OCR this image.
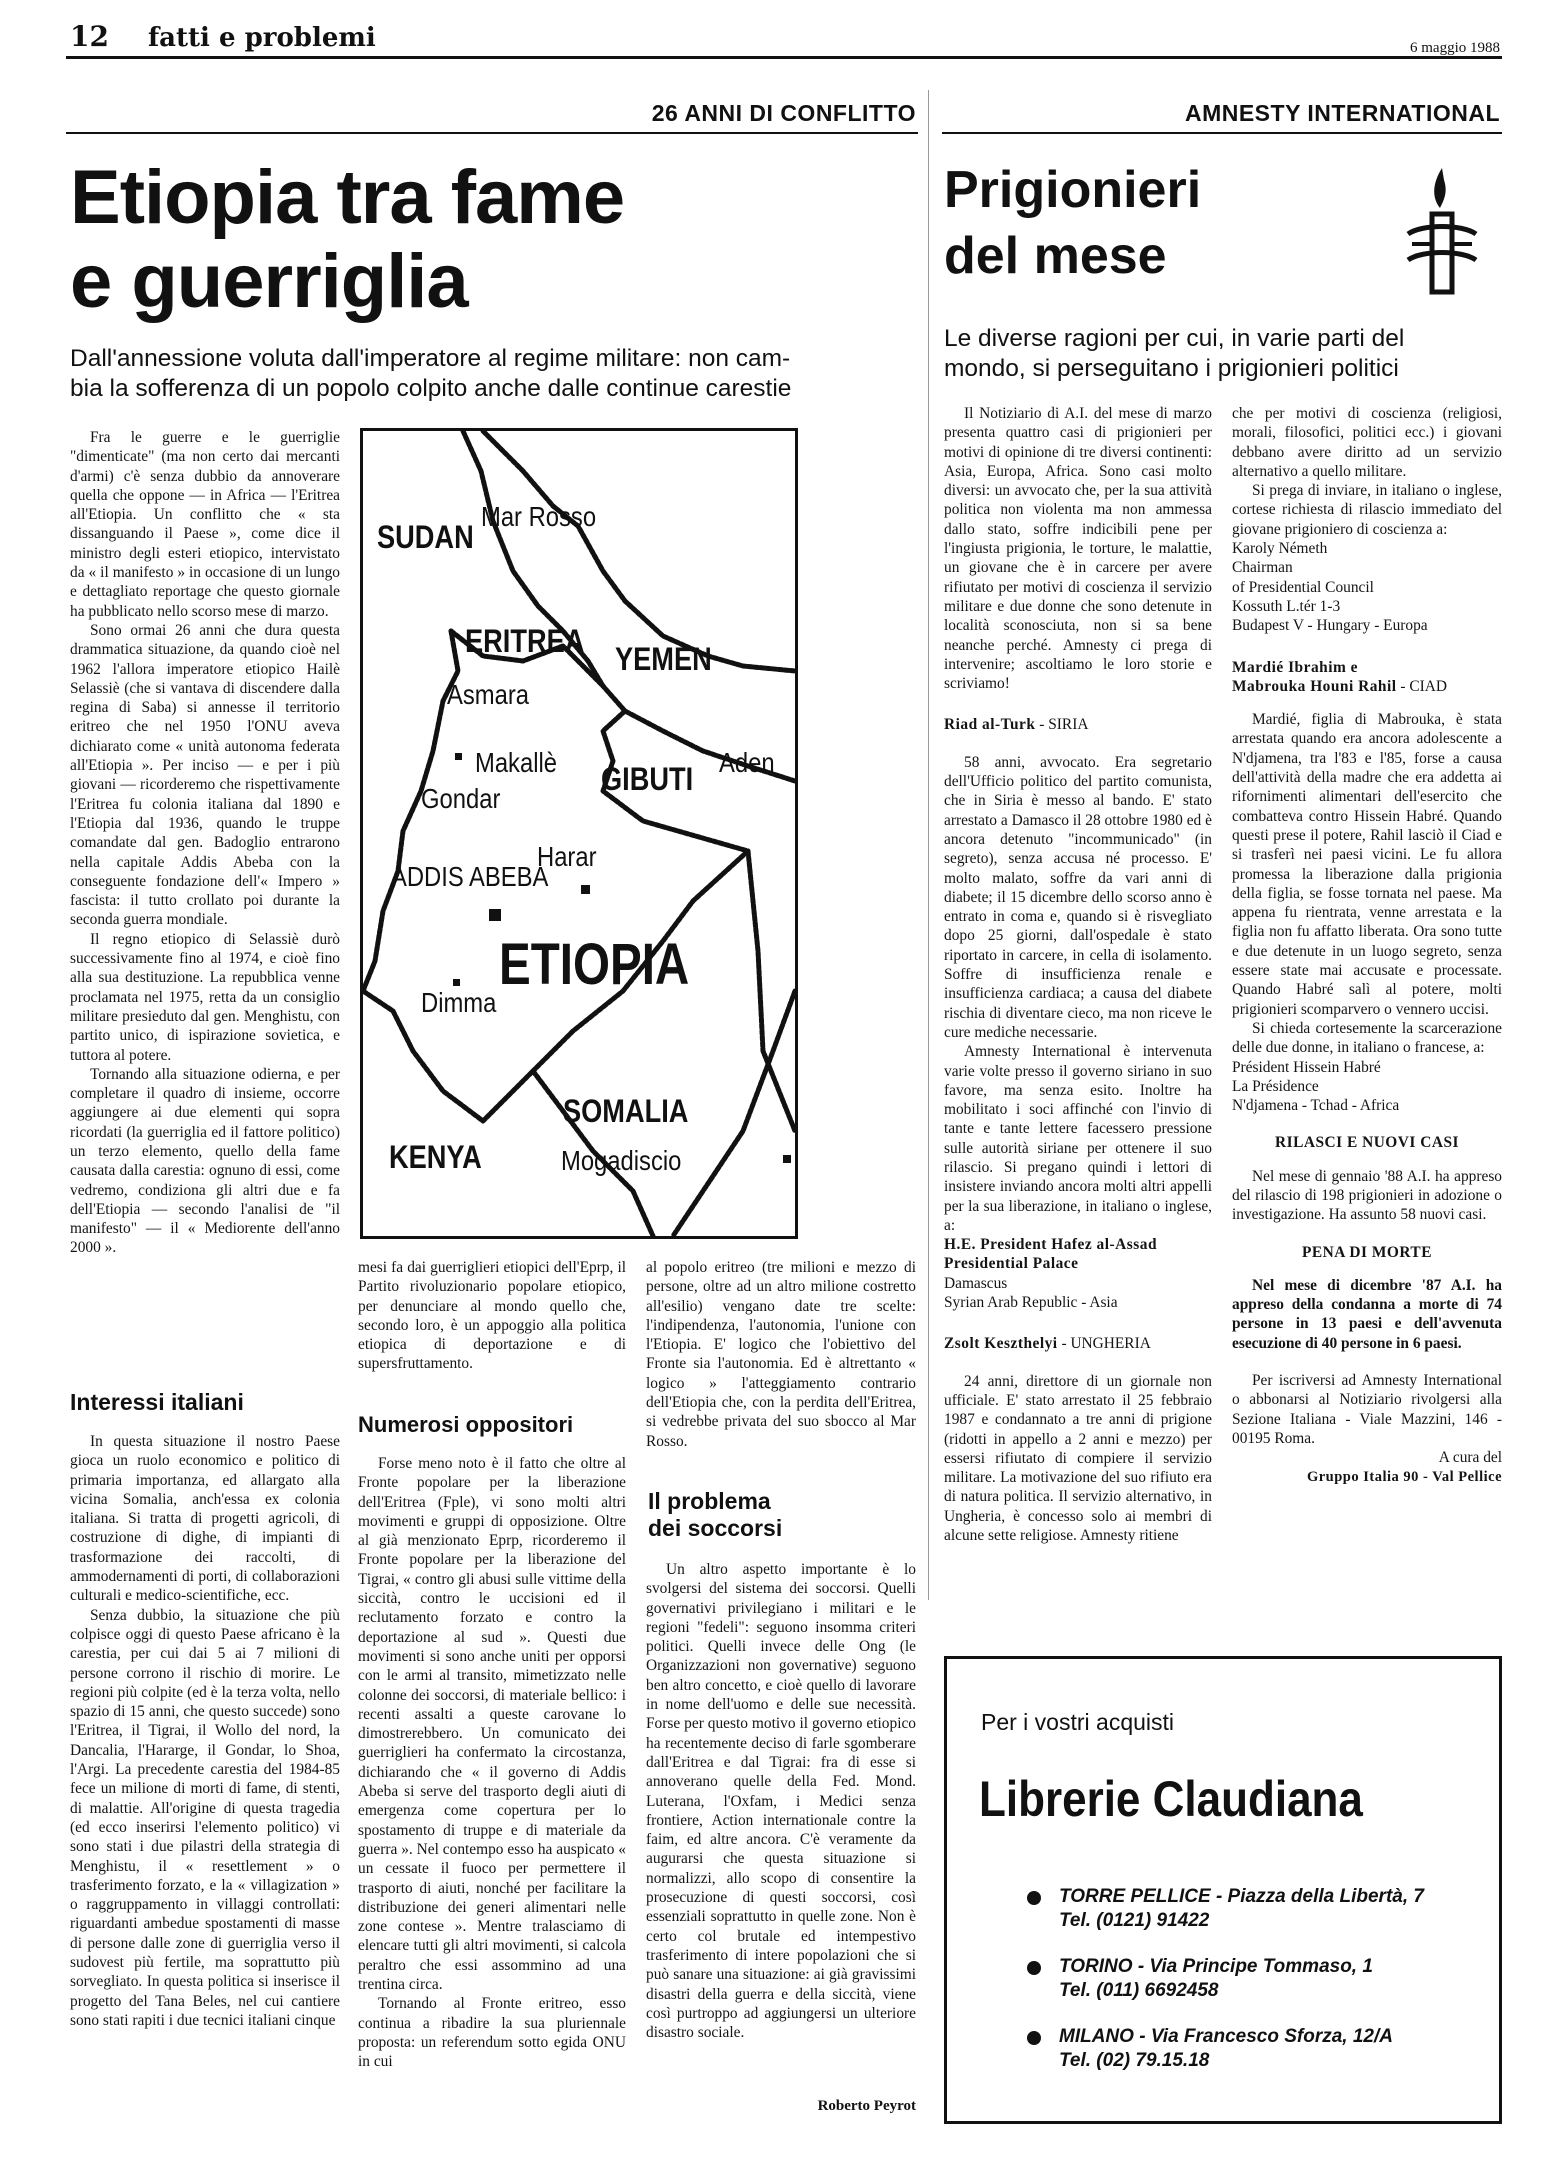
12 fatti e problemi	6 maggio 1988
26 ANNI DI CONFLITTO
Etiopia tra fame
e guerriglia
Dall'annessione voluta dall'imperatore al regime militare: non cam-
bia la sofferenza di un popolo colpito anche dalle continue carestie

Fra le guerre e le guerriglie "dimenticate" (ma non certo dai mercanti d'armi) c'è senza dubbio da annoverare quella che oppone — in Africa — l'Eritrea all'Etiopia. Un conflitto che « sta dissanguando il Paese », come dice il ministro degli esteri etiopico, intervistato da « il manifesto » in occasione di un lungo e dettagliato reportage che questo giornale ha pubblicato nello scorso mese di marzo.

Sono ormai 26 anni che dura questa drammatica situazione, da quando cioè nel 1962 l'allora imperatore etiopico Hailè Selassiè (che si vantava di discendere dalla regina di Saba) si annesse il territorio eritreo che nel 1950 l'ONU aveva dichiarato come « unità autonoma federata all'Etiopia ». Per inciso — e per i più giovani — ricorderemo che rispettivamente l'Eritrea fu colonia italiana dal 1890 e l'Etiopia dal 1936, quando le truppe comandate dal gen. Badoglio entrarono nella capitale Addis Abeba con la conseguente fondazione dell'« Impero » fascista: il tutto crollato poi durante la seconda guerra mondiale.

Il regno etiopico di Selassiè durò successivamente fino al 1974, e cioè fino alla sua destituzione. La repubblica venne proclamata nel 1975, retta da un consiglio militare presieduto dal gen. Menghistu, con partito unico, di ispirazione sovietica, e tuttora al potere.

Tornando alla situazione odierna, e per completare il quadro di insieme, occorre aggiungere ai due elementi qui sopra ricordati (la guerriglia ed il fattore politico) un terzo elemento, quello della fame causata dalla carestia: ognuno di essi, come vedremo, condiziona gli altri due e fa dell'Etiopia — secondo l'analisi de "il manifesto" — il « Mediorente dell'anno 2000 ».

Interessi italiani

In questa situazione il nostro Paese gioca un ruolo economico e politico di primaria importanza, ed allargato alla vicina Somalia, anch'essa ex colonia italiana. Si tratta di progetti agricoli, di costruzione di dighe, di impianti di trasformazione dei raccolti, di ammodernamenti di porti, di collaborazioni culturali e medico-scientifiche, ecc.

Senza dubbio, la situazione che più colpisce oggi di questo Paese africano è la carestia, per cui dai 5 ai 7 milioni di persone corrono il rischio di morire. Le regioni più colpite (ed è la terza volta, nello spazio di 15 anni, che questo succede) sono l'Eritrea, il Tigrai, il Wollo del nord, la Dancalia, l'Hararge, il Gondar, lo Shoa, l'Argi. La precedente carestia del 1984-85 fece un milione di morti di fame, di stenti, di malattie. All'origine di questa tragedia (ed ecco inserirsi l'elemento politico) vi sono stati i due pilastri della strategia di Menghistu, il « resettlement » o trasferimento forzato, e la « villagization » o raggruppamento in villaggi controllati: riguardanti ambedue spostamenti di masse di persone dalle zone di guerriglia verso il sudovest più fertile, ma soprattutto più sorvegliato. In questa politica si inserisce il progetto del Tana Beles, nel cui cantiere sono stati rapiti i due tecnici italiani cinque

SUDAN
Mar Rosso
ERITREA YEMEN
Asmara
Makallè
Gondar
GIBUTI Aden
ADDIS ABEBA
Harar
ETIOPIA
Dimma
SOMALIA
KENYA	Mogadiscio

mesi fa dai guerriglieri etiopici dell'Eprp, il Partito rivoluzionario popolare etiopico, per denunciare al mondo quello che, secondo loro, è un appoggio alla politica etiopica di deportazione e di supersfruttamento.

Numerosi oppositori

Forse meno noto è il fatto che oltre al Fronte popolare per la liberazione dell'Eritrea (Fple), vi sono molti altri movimenti e gruppi di opposizione. Oltre al già menzionato Eprp, ricorderemo il Fronte popolare per la liberazione del Tigrai, « contro gli abusi sulle vittime della siccità, contro le uccisioni ed il reclutamento forzato e contro la deportazione al sud ». Questi due movimenti si sono anche uniti per opporsi con le armi al transito, mimetizzato nelle colonne dei soccorsi, di materiale bellico: i recenti assalti a queste carovane lo dimostrerebbero. Un comunicato dei guerriglieri ha confermato la circostanza, dichiarando che « il governo di Addis Abeba si serve del trasporto degli aiuti di emergenza come copertura per lo spostamento di truppe e di materiale da guerra ». Nel contempo esso ha auspicato « un cessate il fuoco per permettere il trasporto di aiuti, nonché per facilitare la distribuzione dei generi alimentari nelle zone contese ». Mentre tralasciamo di elencare tutti gli altri movimenti, si calcola peraltro che essi assommino ad una trentina circa.

Tornando al Fronte eritreo, esso continua a ribadire la sua pluriennale proposta: un referendum sotto egida ONU in cui

al popolo eritreo (tre milioni e mezzo di persone, oltre ad un altro milione costretto all'esilio) vengano date tre scelte: l'indipendenza, l'autonomia, l'unione con l'Etiopia. E' logico che l'obiettivo del Fronte sia l'autonomia. Ed è altrettanto « logico » l'atteggiamento contrario dell'Etiopia che, con la perdita dell'Eritrea, si vedrebbe privata del suo sbocco al Mar Rosso.

Il problema
dei soccorsi

Un altro aspetto importante è lo svolgersi del sistema dei soccorsi. Quelli governativi privilegiano i militari e le regioni "fedeli": seguono insomma criteri politici. Quelli invece delle Ong (le Organizzazioni non governative) seguono ben altro concetto, e cioè quello di lavorare in nome dell'uomo e delle sue necessità. Forse per questo motivo il governo etiopico ha recentemente deciso di farle sgomberare dall'Eritrea e dal Tigrai: fra di esse si annoverano quelle della Fed. Mond. Luterana, l'Oxfam, i Medici senza frontiere, Action internationale contre la faim, ed altre ancora. C'è veramente da augurarsi che questa situazione si normalizzi, allo scopo di consentire la prosecuzione di questi soccorsi, così essenziali soprattutto in quelle zone. Non è certo col brutale ed intempestivo trasferimento di intere popolazioni che si può sanare una situazione: ai già gravissimi disastri della guerra e della siccità, viene così purtroppo ad aggiungersi un ulteriore disastro sociale.

Roberto Peyrot
AMNESTY INTERNATIONAL
Prigionieri
del mese
Le diverse ragioni per cui, in varie parti del
mondo, si perseguitano i prigionieri politici

Il Notiziario di A.I. del mese di marzo presenta quattro casi di prigionieri per motivi di opinione di tre diversi continenti: Asia, Europa, Africa. Sono casi molto diversi: un avvocato che, per la sua attività politica non violenta ma non ammessa dallo stato, soffre indicibili pene per l'ingiusta prigionia, le torture, le malattie, un giovane che è in carcere per avere rifiutato per motivi di coscienza il servizio militare e due donne che sono detenute in località sconosciuta, non si sa bene neanche perché. Amnesty ci prega di intervenire; ascoltiamo le loro storie e scriviamo!

Riad al-Turk - SIRIA

58 anni, avvocato. Era segretario dell'Ufficio politico del partito comunista, che in Siria è messo al bando. E' stato arrestato a Damasco il 28 ottobre 1980 ed è ancora detenuto "incommunicado" (in segreto), senza accusa né processo. E' molto malato, soffre da vari anni di diabete; il 15 dicembre dello scorso anno è entrato in coma e, quando si è risvegliato dopo 25 giorni, dall'ospedale è stato riportato in carcere, in cella di isolamento. Soffre di insufficienza renale e insufficienza cardiaca; a causa del diabete rischia di diventare cieco, ma non riceve le cure mediche necessarie.

Amnesty International è intervenuta varie volte presso il governo siriano in suo favore, ma senza esito. Inoltre ha mobilitato i soci affinché con l'invio di tante e tante lettere facessero pressione sulle autorità siriane per ottenere il suo rilascio. Si pregano quindi i lettori di insistere inviando ancora molti altri appelli per la sua liberazione, in italiano o inglese, a:

H.E. President Hafez al-Assad
Presidential Palace
Damascus
Syrian Arab Republic - Asia
Zsolt Keszthelyi - UNGHERIA

24 anni, direttore di un giornale non ufficiale. E' stato arrestato il 25 febbraio 1987 e condannato a tre anni di prigione (ridotti in appello a 2 anni e mezzo) per essersi rifiutato di compiere il servizio militare. La motivazione del suo rifiuto era di natura politica. Il servizio alternativo, in Ungheria, è concesso solo ai membri di alcune sette religiose. Amnesty ritiene

che per motivi di coscienza (religiosi, morali, filosofici, politici ecc.) i giovani debbano avere diritto ad un servizio alternativo a quello militare.

Si prega di inviare, in italiano o inglese, cortese richiesta di rilascio immediato del giovane prigioniero di coscienza a:

Karoly Németh
Chairman
of Presidential Council
Kossuth L.tér 1-3
Budapest V - Hungary - Europa
Mardié Ibrahim e
Mabrouka Houni Rahil - CIAD

Mardié, figlia di Mabrouka, è stata arrestata quando era ancora adolescente a N'djamena, tra l'83 e l'85, forse a causa dell'attività della madre che era addetta ai rifornimenti alimentari dell'esercito che combatteva contro Hissein Habré. Quando questi prese il potere, Rahil lasciò il Ciad e si trasferì nei paesi vicini. Le fu allora promessa la liberazione dalla prigionia della figlia, se fosse tornata nel paese. Ma appena fu rientrata, venne arrestata e la figlia non fu affatto liberata. Ora sono tutte e due detenute in un luogo segreto, senza essere state mai accusate e processate. Quando Habré salì al potere, molti prigionieri scomparvero o vennero uccisi.

Si chieda cortesemente la scarcerazione delle due donne, in italiano o francese, a:

Président Hissein Habré
La Présidence
N'djamena - Tchad - Africa
RILASCI E NUOVI CASI

Nel mese di gennaio '88 A.I. ha appreso del rilascio di 198 prigionieri in adozione o investigazione. Ha assunto 58 nuovi casi.

PENA DI MORTE

Nel mese di dicembre '87 A.I. ha appreso della condanna a morte di 74 persone in 13 paesi e dell'avvenuta esecuzione di 40 persone in 6 paesi.

Per iscriversi ad Amnesty International o abbonarsi al Notiziario rivolgersi alla Sezione Italiana - Viale Mazzini, 146 - 00195 Roma.

A cura del
Gruppo Italia 90 - Val Pellice
Per i vostri acquisti
Librerie Claudiana
TORRE PELLICE - Piazza della Libertà, 7
Tel. (0121) 91422
TORINO - Via Principe Tommaso, 1
Tel. (011) 6692458
MILANO - Via Francesco Sforza, 12/A
Tel. (02) 79.15.18
